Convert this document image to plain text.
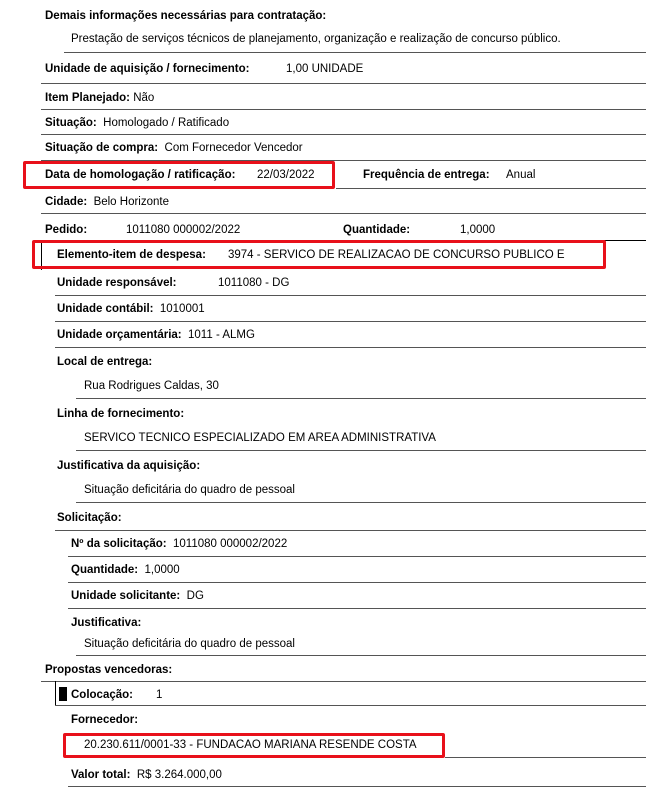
Demais informações necessárias para contratação:
Prestação de serviços técnicos de planejamento, organização e realização de concurso público.
Unidade de aquisição / fornecimento:	1,00 UNIDADE
Item Planejado: Não
Situação: Homologado / Ratificado
Situação de compra: Com Fornecedor Vencedor
Data de homologação / ratificação: 22/03/2022	Frequência de entrega: Anual
Cidade: Belo Horizonte
Pedido:	1011080 000002/2022	Quantidade:	1,0000
Elemento-item de despesa: 3974 - SERVICO DE REALIZACAO DE CONCURSO PUBLICO E
Unidade responsável:	1011080 - DG
Unidade contábil: 1010001
Unidade orçamentária: 1011 - ALMG
Local de entrega:
Rua Rodrigues Caldas, 30
Linha de fornecimento:
SERVICO TECNICO ESPECIALIZADO EM AREA ADMINISTRATIVA
Justificativa da aquisição:
Situação deficitária do quadro de pessoal
Solicitação:
Nº da solicitação: 1011080 000002/2022
Quantidade: 1,0000
Unidade solicitante: DG
Justificativa:
Situação deficitária do quadro de pessoal
Propostas vencedoras:
Colocação: 1
Fornecedor:
20.230.611/0001-33 - FUNDACAO MARIANA RESENDE COSTA
Valor total: R$ 3.264.000,00
